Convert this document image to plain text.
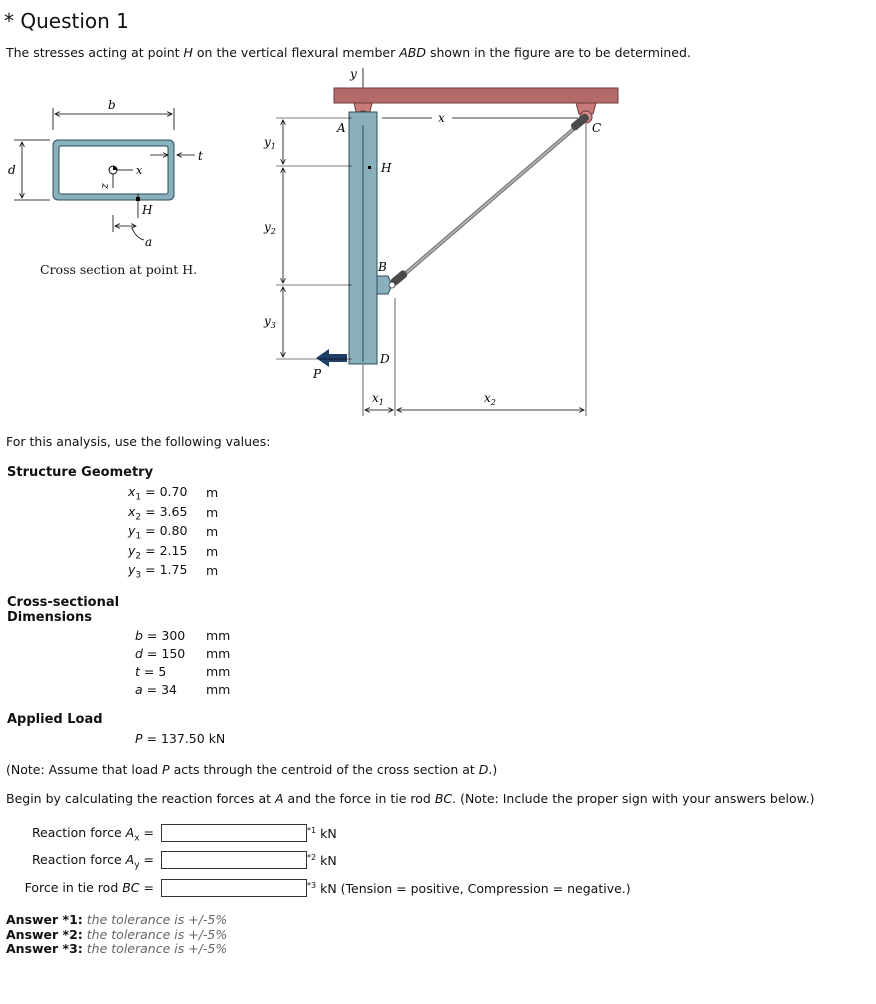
* Question 1
The stresses acting at point H on the vertical flexural member ABD shown in the figure are to be determined.
b
d
t
x
z
H
a
y
A	C
x
H
B
D
P
$y_1$
$y_2$
$y_3$
$x_1$	$x_2$
Cross section at point H.
For this analysis, use the following values:
Structure Geometry
$x_1 = 0.70$ m
$x_2 = 3.65$ m
$y_1 = 0.80$ m
$y_2 = 2.15$ m
$y_3 = 1.75$ m
Cross-sectional
Dimensions
b = 300 mm
d = 150 mm
t = 5	mm
a = 34 mm
Applied Load
P = 137.50 kN
(Note: Assume that load P acts through the centroid of the cross section at D.)
Begin by calculating the reaction forces at A and the force in tie rod BC. (Note: Include the proper sign with your answers below.)
Reaction force $A_x$ =	$^{*1}$ kN
Reaction force $A_y$ =	$^{*2}$ kN
Force in tie rod BC =	$^{*3}$ kN (Tension = positive, Compression = negative.)
Answer *1: the tolerance is +/-5%
Answer *2: the tolerance is +/-5%
Answer *3: the tolerance is +/-5%
